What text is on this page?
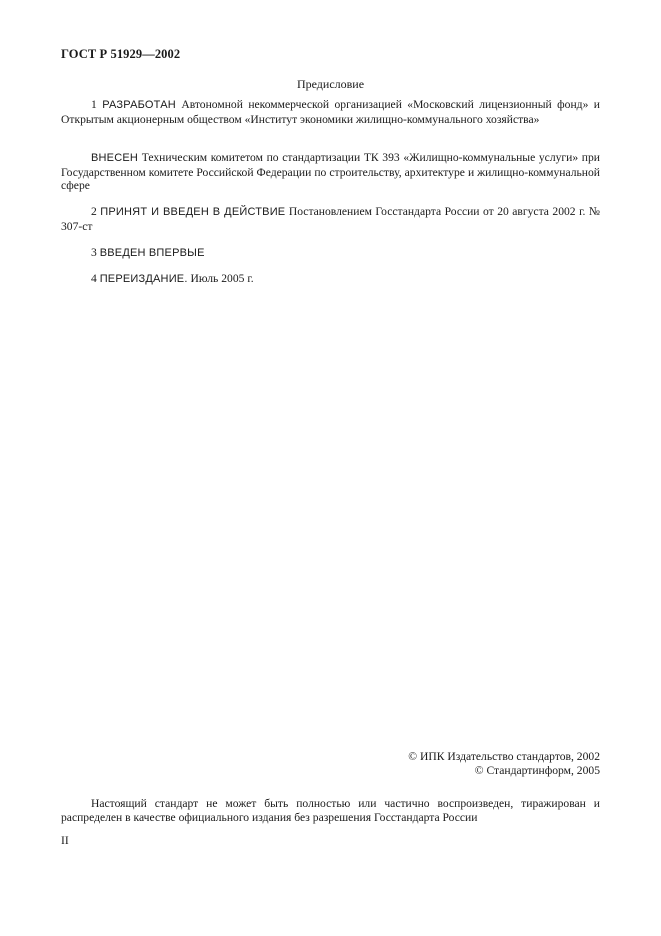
ГОСТ Р 51929—2002
Предисловие
1 РАЗРАБОТАН Автономной некоммерческой организацией «Московский лицензионный фонд» и Открытым акционерным обществом «Институт экономики жилищно-коммунального хозяйства»
ВНЕСЕН Техническим комитетом по стандартизации ТК 393 «Жилищно-коммунальные услуги» при Государственном комитете Российской Федерации по строительству, архитектуре и жилищно-коммунальной сфере
2 ПРИНЯТ И ВВЕДЕН В ДЕЙСТВИЕ Постановлением Госстандарта России от 20 августа 2002 г. № 307-ст
3 ВВЕДЕН ВПЕРВЫЕ
4 ПЕРЕИЗДАНИЕ. Июль 2005 г.
© ИПК Издательство стандартов, 2002
© Стандартинформ, 2005
Настоящий стандарт не может быть полностью или частично воспроизведен, тиражирован и распределен в качестве официального издания без разрешения Госстандарта России
II
